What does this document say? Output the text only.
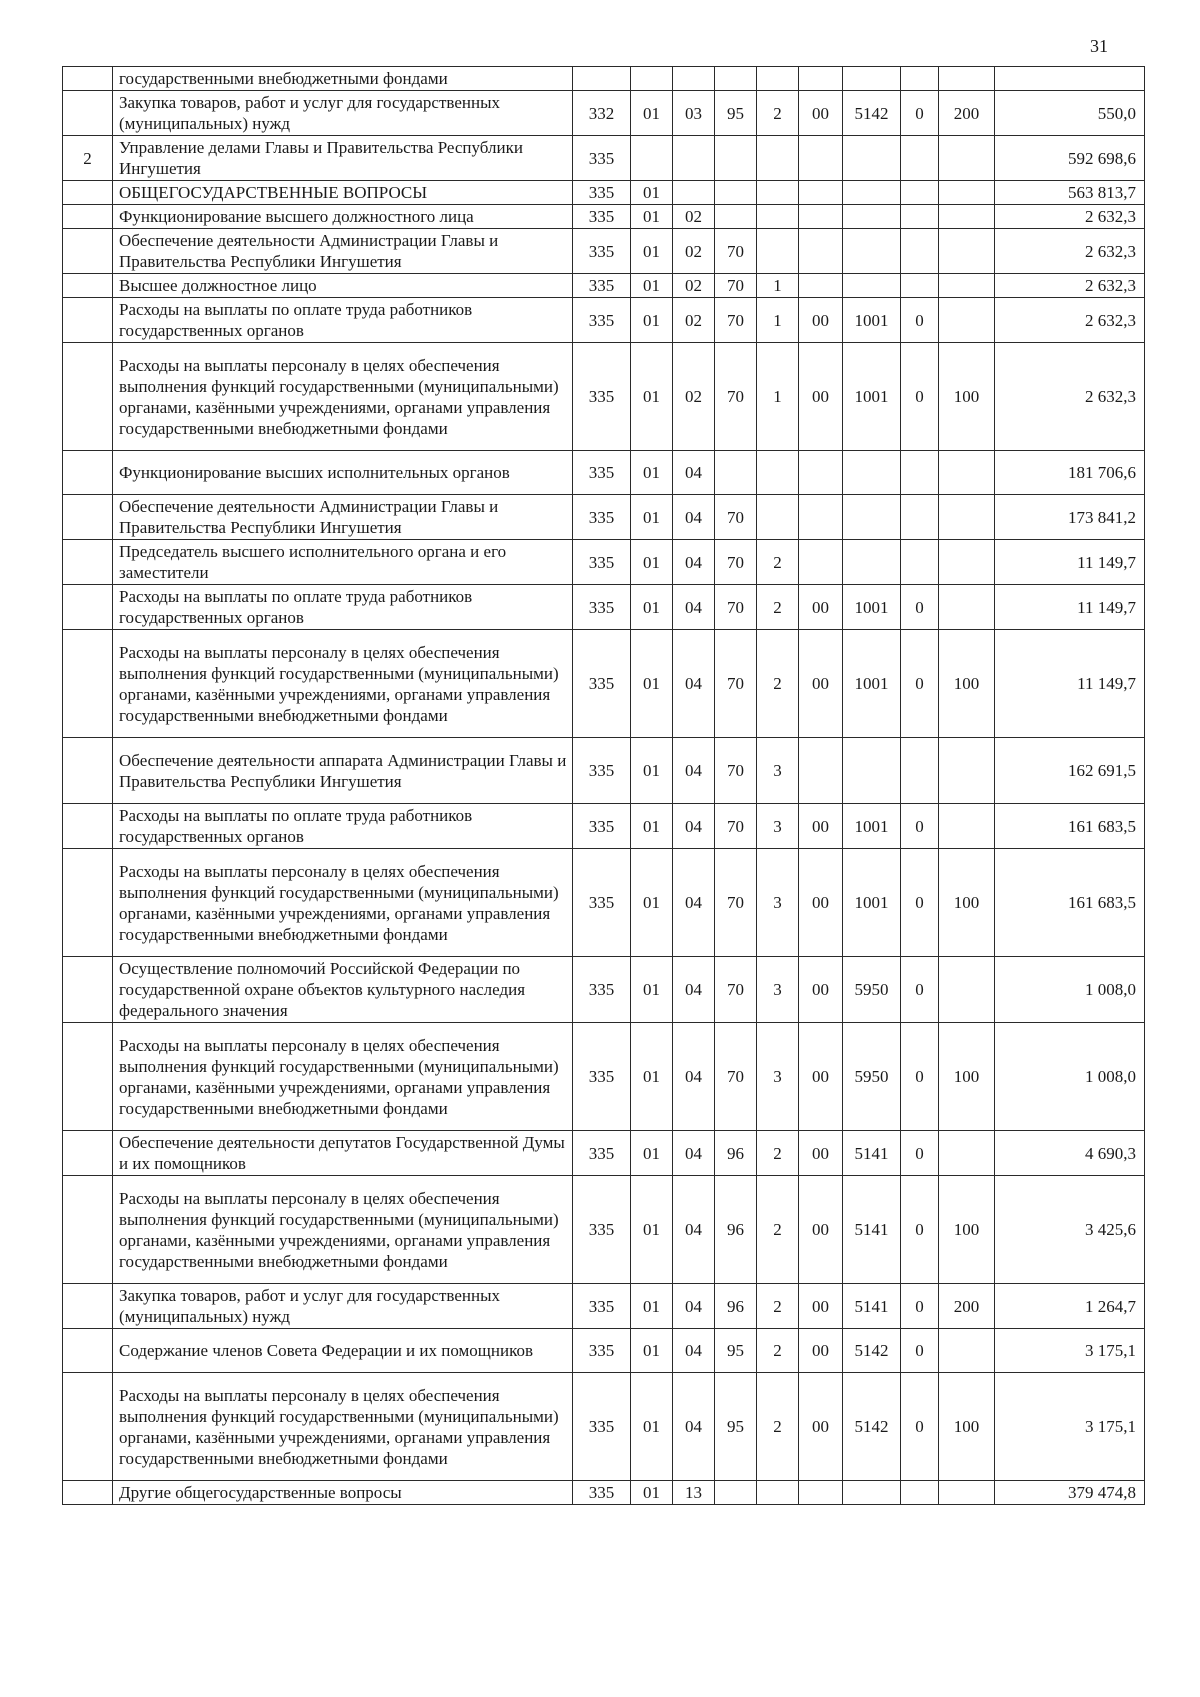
31
	государственными внебюджетными фондами										
	Закупка товаров, работ и услуг для государственных (муниципальных) нужд	332	01	03	95	2	00	5142	0	200	550,0
2	Управление делами Главы и Правительства Республики Ингушетия	335									592 698,6
	ОБЩЕГОСУДАРСТВЕННЫЕ ВОПРОСЫ	335	01								563 813,7
	Функционирование высшего должностного лица	335	01	02							2 632,3
	Обеспечение деятельности Администрации Главы и Правительства Республики Ингушетия	335	01	02	70						2 632,3
	Высшее должностное лицо	335	01	02	70	1					2 632,3
	Расходы на выплаты по оплате труда работников государственных органов	335	01	02	70	1	00	1001	0		2 632,3
	Расходы на выплаты персоналу в целях обеспечения выполнения функций государственными (муниципальными) органами, казёнными учреждениями, органами управления государственными внебюджетными фондами	335	01	02	70	1	00	1001	0	100	2 632,3
	Функционирование высших исполнительных органов	335	01	04							181 706,6
	Обеспечение деятельности Администрации Главы и Правительства Республики Ингушетия	335	01	04	70						173 841,2
	Председатель высшего исполнительного органа и его заместители	335	01	04	70	2					11 149,7
	Расходы на выплаты по оплате труда работников государственных органов	335	01	04	70	2	00	1001	0		11 149,7
	Расходы на выплаты персоналу в целях обеспечения выполнения функций государственными (муниципальными) органами, казёнными учреждениями, органами управления государственными внебюджетными фондами	335	01	04	70	2	00	1001	0	100	11 149,7
	Обеспечение деятельности аппарата Администрации Главы и Правительства Республики Ингушетия	335	01	04	70	3					162 691,5
	Расходы на выплаты по оплате труда работников государственных органов	335	01	04	70	3	00	1001	0		161 683,5
	Расходы на выплаты персоналу в целях обеспечения выполнения функций государственными (муниципальными) органами, казёнными учреждениями, органами управления государственными внебюджетными фондами	335	01	04	70	3	00	1001	0	100	161 683,5
	Осуществление полномочий Российской Федерации по государственной охране объектов культурного наследия федерального значения	335	01	04	70	3	00	5950	0		1 008,0
	Расходы на выплаты персоналу в целях обеспечения выполнения функций государственными (муниципальными) органами, казёнными учреждениями, органами управления государственными внебюджетными фондами	335	01	04	70	3	00	5950	0	100	1 008,0
	Обеспечение деятельности депутатов Государственной Думы и их помощников	335	01	04	96	2	00	5141	0		4 690,3
	Расходы на выплаты персоналу в целях обеспечения выполнения функций государственными (муниципальными) органами, казёнными учреждениями, органами управления государственными внебюджетными фондами	335	01	04	96	2	00	5141	0	100	3 425,6
	Закупка товаров, работ и услуг для государственных (муниципальных) нужд	335	01	04	96	2	00	5141	0	200	1 264,7
	Содержание членов Совета Федерации и их помощников	335	01	04	95	2	00	5142	0		3 175,1
	Расходы на выплаты персоналу в целях обеспечения выполнения функций государственными (муниципальными) органами, казёнными учреждениями, органами управления государственными внебюджетными фондами	335	01	04	95	2	00	5142	0	100	3 175,1
	Другие общегосударственные вопросы	335	01	13							379 474,8
